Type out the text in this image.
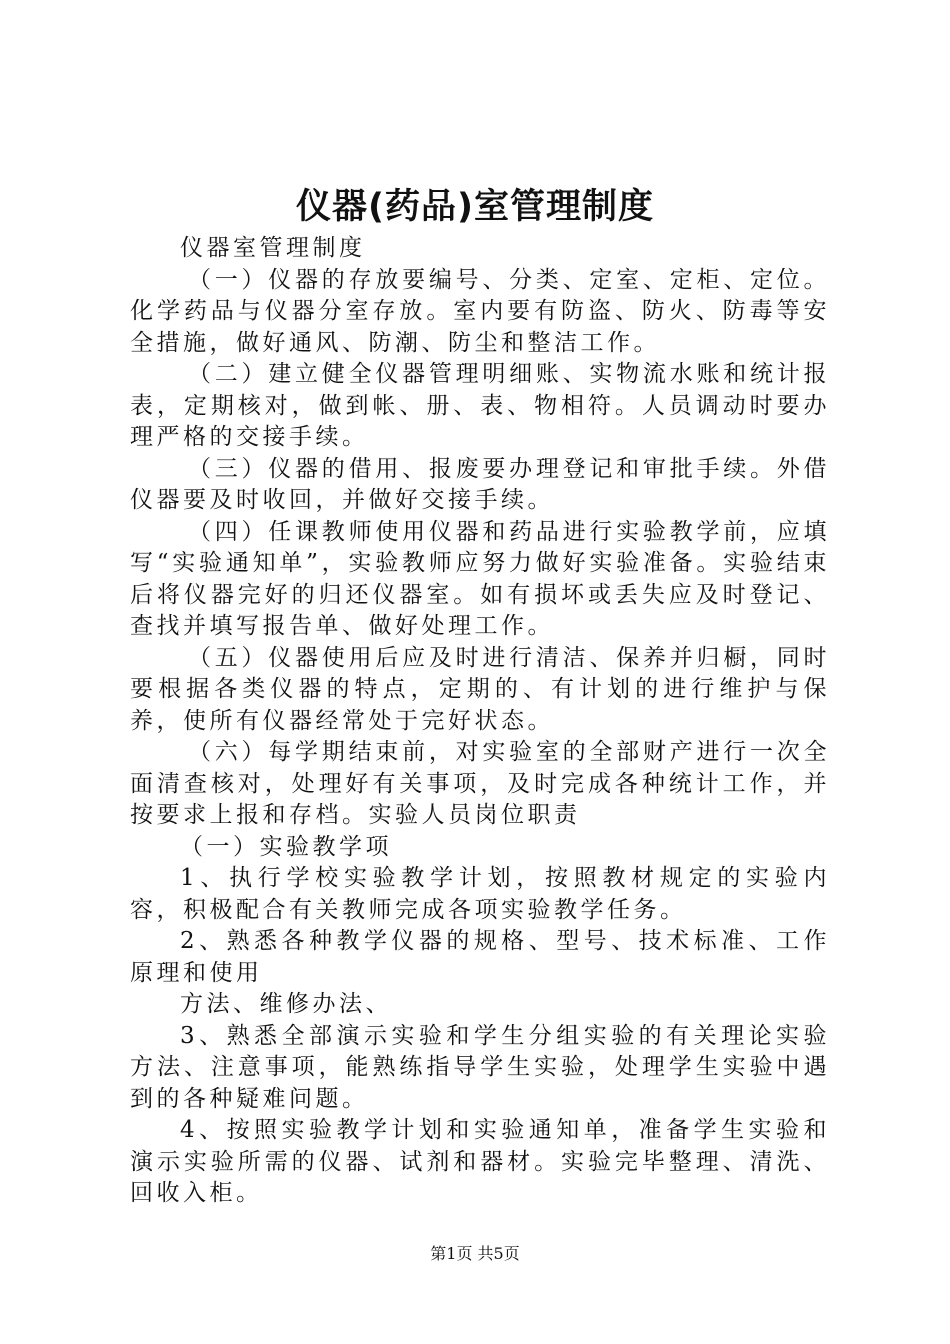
仪器(药品)室管理制度

仪器室管理制度

（一）仪器的存放要编号、分类、定室、定柜、定位。化学药品与仪器分室存放。室内要有防盗、防火、防毒等安全措施，做好通风、防潮、防尘和整洁工作。

（二）建立健全仪器管理明细账、实物流水账和统计报表，定期核对，做到帐、册、表、物相符。人员调动时要办理严格的交接手续。

（三）仪器的借用、报废要办理登记和审批手续。外借仪器要及时收回，并做好交接手续。

（四）任课教师使用仪器和药品进行实验教学前，应填写“实验通知单”，实验教师应努力做好实验准备。实验结束后将仪器完好的归还仪器室。如有损坏或丢失应及时登记、查找并填写报告单、做好处理工作。

（五）仪器使用后应及时进行清洁、保养并归橱，同时要根据各类仪器的特点，定期的、有计划的进行维护与保养，使所有仪器经常处于完好状态。

（六）每学期结束前，对实验室的全部财产进行一次全面清查核对，处理好有关事项，及时完成各种统计工作，并按要求上报和存档。实验人员岗位职责

（一）实验教学项

1、执行学校实验教学计划，按照教材规定的实验内容，积极配合有关教师完成各项实验教学任务。

2、熟悉各种教学仪器的规格、型号、技术标准、工作原理和使用

方法、维修办法、

3、熟悉全部演示实验和学生分组实验的有关理论实验方法、注意事项，能熟练指导学生实验，处理学生实验中遇到的各种疑难问题。

4、按照实验教学计划和实验通知单，准备学生实验和演示实验所需的仪器、试剂和器材。实验完毕整理、清洗、回收入柜。

第1页 共5页
